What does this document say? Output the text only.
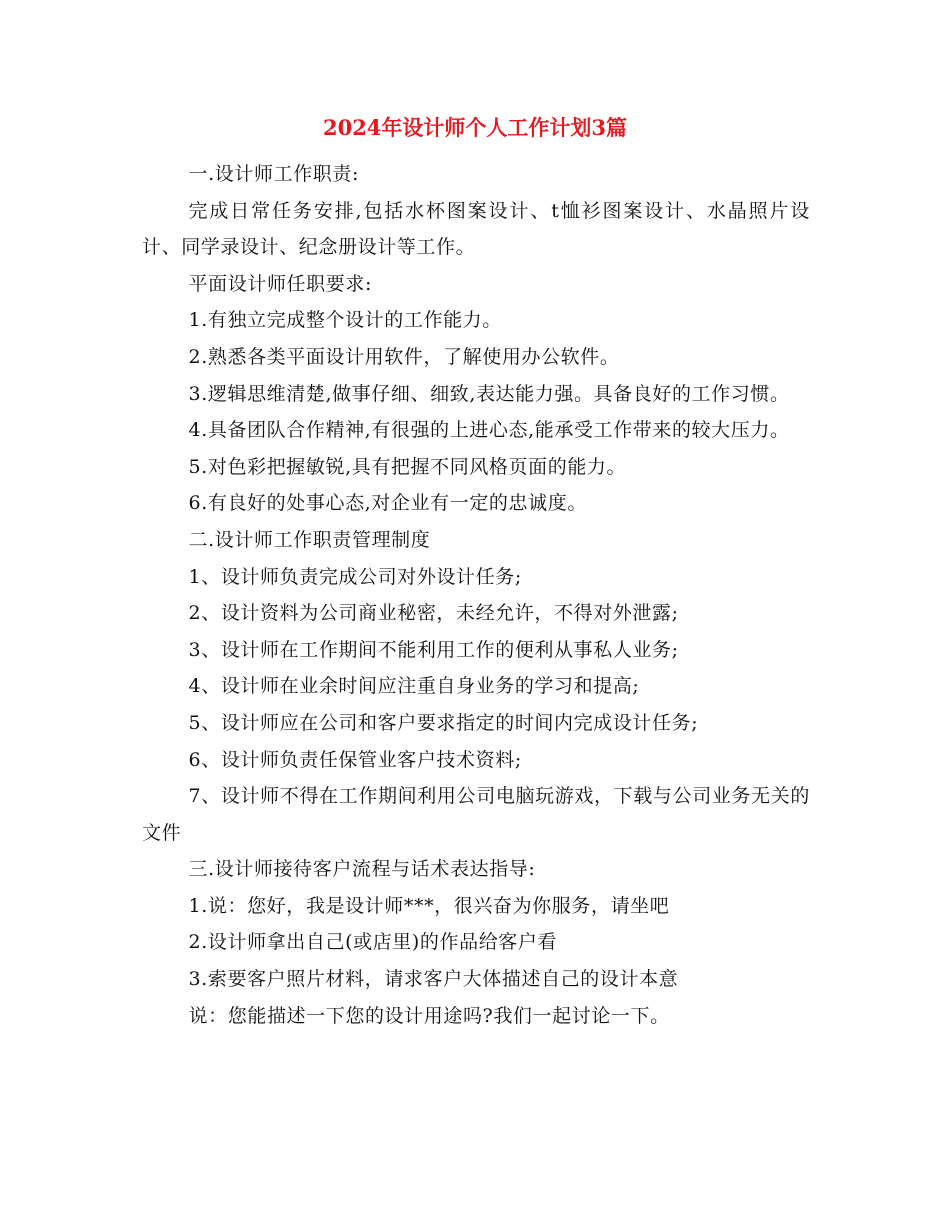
2024年设计师个人工作计划3篇

一.设计师工作职责:

完成日常任务安排,包括水杯图案设计、t恤衫图案设计、水晶照片设计、同学录设计、纪念册设计等工作。

平面设计师任职要求:

1.有独立完成整个设计的工作能力。

2.熟悉各类平面设计用软件，了解使用办公软件。

3.逻辑思维清楚,做事仔细、细致,表达能力强。具备良好的工作习惯。

4.具备团队合作精神,有很强的上进心态,能承受工作带来的较大压力。

5.对色彩把握敏锐,具有把握不同风格页面的能力。

6.有良好的处事心态,对企业有一定的忠诚度。

二.设计师工作职责管理制度

1、设计师负责完成公司对外设计任务;

2、设计资料为公司商业秘密，未经允许，不得对外泄露;

3、设计师在工作期间不能利用工作的便利从事私人业务;

4、设计师在业余时间应注重自身业务的学习和提高;

5、设计师应在公司和客户要求指定的时间内完成设计任务;

6、设计师负责任保管业客户技术资料;

7、设计师不得在工作期间利用公司电脑玩游戏，下载与公司业务无关的文件

三.设计师接待客户流程与话术表达指导:

1.说：您好，我是设计师***，很兴奋为你服务，请坐吧

2.设计师拿出自己(或店里)的作品给客户看

3.索要客户照片材料，请求客户大体描述自己的设计本意

说：您能描述一下您的设计用途吗?我们一起讨论一下。
